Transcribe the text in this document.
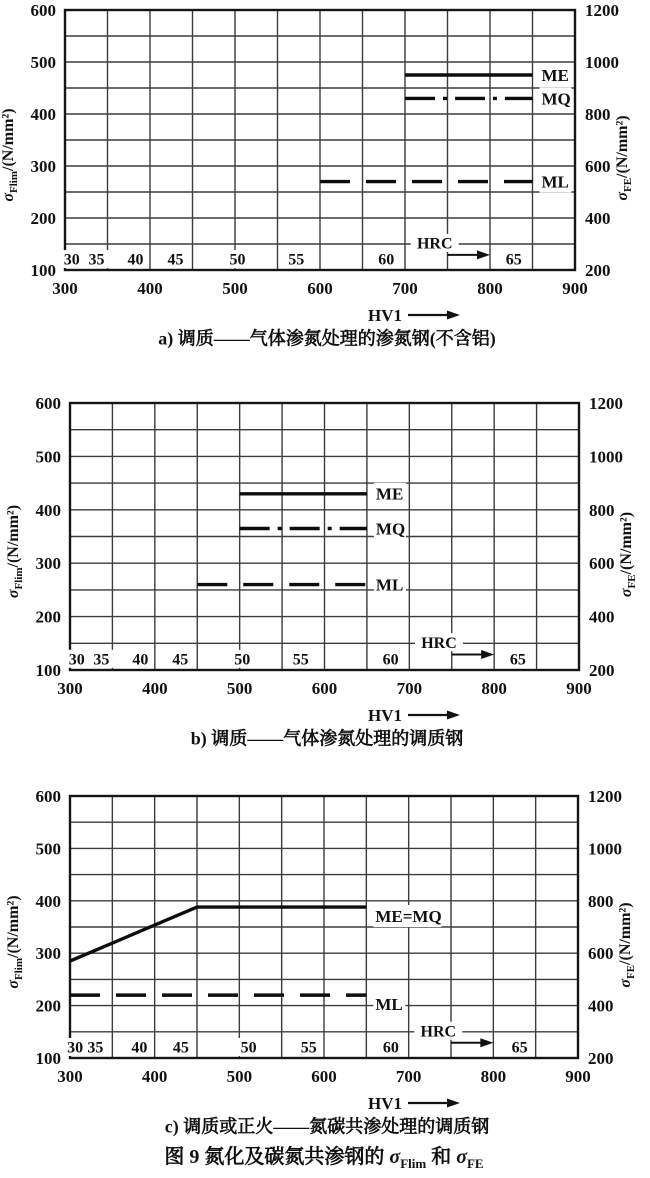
HRC
30 35 40 45	50	55	60	65
ME
MQ
ML
600
500
400
300
200
100
1200
1000
800
600
400
200
300	400	500	600	700	800	900
$\sigma_{Flim}/(N/mm^2)$
$\sigma_{FE}/(N/mm^2)$
HV1
a) 调质——气体渗氮处理的渗氮钢(不含铝)
HRC
30 35 40 45	50	55	60	65
ME
MQ
ML
600
500
400
300
200
100
1200
1000
800
600
400
200
300	400	500	600	700	800	900
$\sigma_{Flim}/(N/mm^2)$
$\sigma_{FE}/(N/mm^2)$
HV1
b) 调质——气体渗氮处理的调质钢
HRC
30 35 40 45	50	55	60	65
ME=MQ
ML
600
500
400
300
200
100
1200
1000
800
600
400
200
300	400	500	600	700	800	900
$\sigma_{Flim}/(N/mm^2)$
$\sigma_{FE}/(N/mm^2)$
HV1
c) 调质或正火——氮碳共渗处理的调质钢
图 9 氮化及碳氮共渗钢的 $\sigma_{Flim}$ 和 $\sigma_{FE}$
